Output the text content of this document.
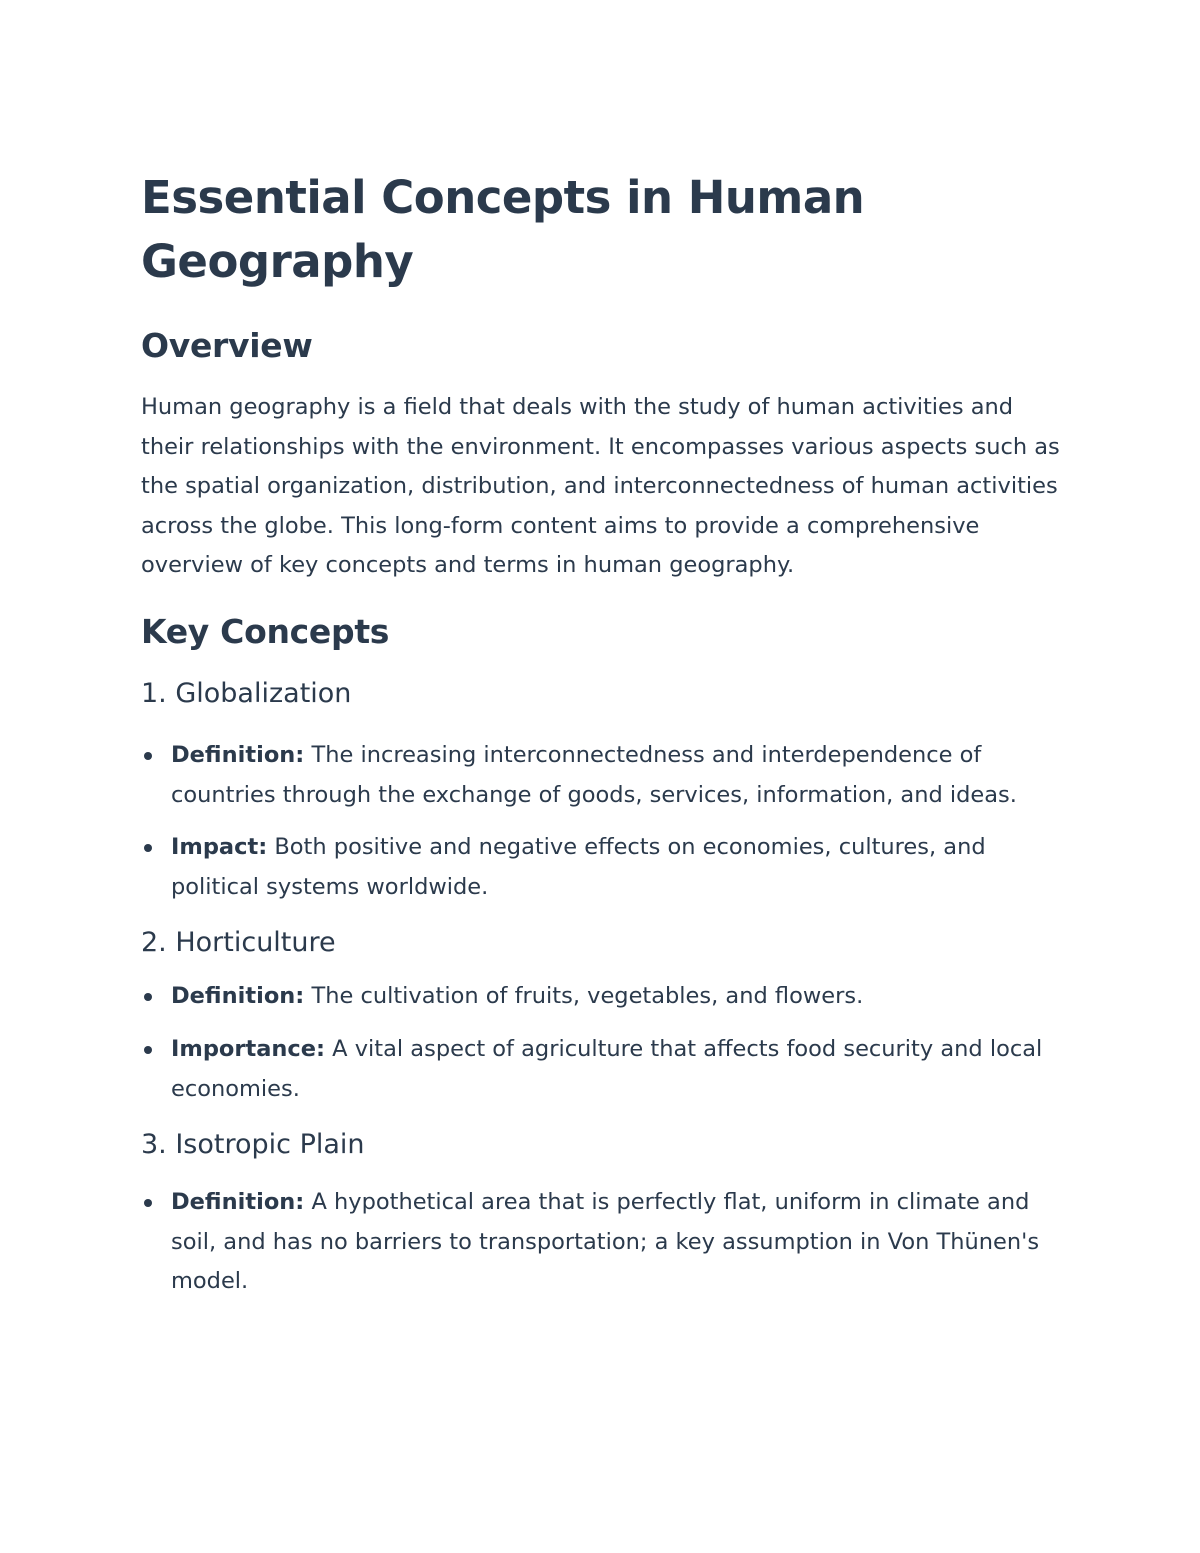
Essential Concepts in Human Geography
Overview

Human geography is a field that deals with the study of human activities and their relationships with the environment. It encompasses various aspects such as the spatial organization, distribution, and interconnectedness of human activities across the globe. This long-form content aims to provide a comprehensive overview of key concepts and terms in human geography.

Key Concepts
1. Globalization
Definition: The increasing interconnectedness and interdependence of countries through the exchange of goods, services, information, and ideas.
Impact: Both positive and negative effects on economies, cultures, and political systems worldwide.
2. Horticulture
Definition: The cultivation of fruits, vegetables, and flowers.
Importance: A vital aspect of agriculture that affects food security and local economies.
3. Isotropic Plain
Definition: A hypothetical area that is perfectly flat, uniform in climate and soil, and has no barriers to transportation; a key assumption in Von Thünen's model.
